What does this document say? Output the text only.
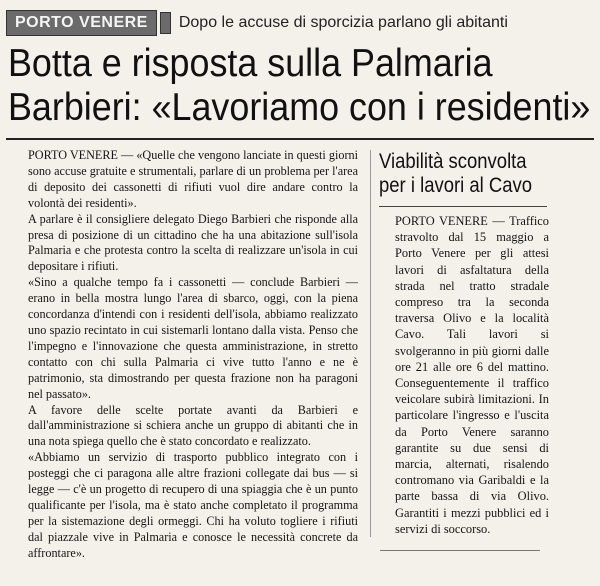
PORTO VENERE	Dopo le accuse di sporcizia parlano gli abitanti
Botta e risposta sulla Palmaria
Barbieri: «Lavoriamo con i residenti»

PORTO VENERE — «Quelle che vengono lanciate in questi giorni sono accuse gratuite e strumentali, parlare di un problema per l'area di deposito dei cassonetti di rifiuti vuol dire andare contro la volontà dei residenti».

A parlare è il consigliere delegato Diego Barbieri che risponde alla presa di posizione di un cittadino che ha una abitazione sull'isola Palmaria e che protesta contro la scelta di realizzare un'isola in cui depositare i rifiuti.

«Sino a qualche tempo fa i cassonetti — conclude Barbieri — erano in bella mostra lungo l'area di sbarco, oggi, con la piena concordanza d'intendi con i residenti dell'isola, abbiamo realizzato uno spazio recintato in cui sistemarli lontano dalla vista. Penso che l'impegno e l'innovazione che questa amministrazione, in stretto contatto con chi sulla Palmaria ci vive tutto l'anno e ne è patrimonio, sta dimostrando per questa frazione non ha paragoni nel passato».

A favore delle scelte portate avanti da Barbieri e dall'amministrazione si schiera anche un gruppo di abitanti che in una nota spiega quello che è stato concordato e realizzato.

«Abbiamo un servizio di trasporto pubblico integrato con i posteggi che ci paragona alle altre frazioni collegate dai bus — si legge — c'è un progetto di recupero di una spiaggia che è un punto qualificante per l'isola, ma è stato anche completato il programma per la sistemazione degli ormeggi. Chi ha voluto togliere i rifiuti dal piazzale vive in Palmaria e conosce le necessità concrete da affrontare».

Viabilità sconvolta
per i lavori al Cavo

PORTO VENERE — Traffico stravolto dal 15 maggio a Porto Venere per gli attesi lavori di asfaltatura della strada nel tratto stradale compreso tra la seconda traversa Olivo e la località Cavo. Tali lavori si svolgeranno in più giorni dalle ore 21 alle ore 6 del mattino. Conseguentemente il traffico veicolare subirà limitazioni. In particolare l'ingresso e l'uscita da Porto Venere saranno garantite su due sensi di marcia, alternati, risalendo contromano via Garibaldi e la parte bassa di via Olivo. Garantiti i mezzi pubblici ed i servizi di soccorso.
